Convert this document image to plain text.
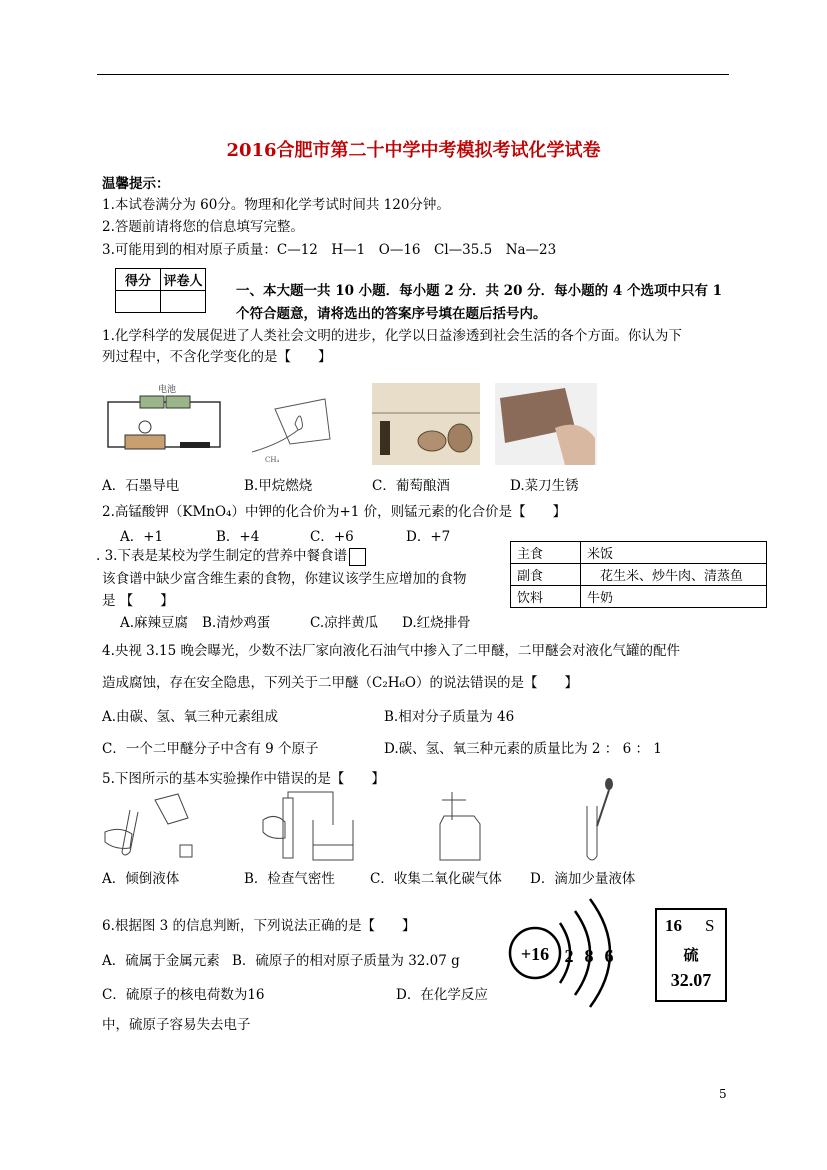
2016合肥市第二十中学中考模拟考试化学试卷
温馨提示：
1.本试卷满分为 60分。物理和化学考试时间共 120分钟。
2.答题前请将您的信息填写完整。
3.可能用到的相对原子质量：C—12　H—1　O—16　Cl—35.5　Na—23
得分	评卷人

一、本大题一共 10 小题．每小题 2 分．共 20 分．每小题的 4 个选项中只有 1
个符合题意，请将选出的答案序号填在题后括号内。
1.化学科学的发展促进了人类社会文明的进步，化学以日益渗透到社会生活的各个方面。你认为下
列过程中，不含化学变化的是【　　】
电池
CH₄
A．石墨导电	B.甲烷燃烧	C．葡萄酿酒	D.菜刀生锈
2.高锰酸钾（KMnO₄）中钾的化合价为+1 价，则锰元素的化合价是【　　】
A．+1	B．+4	C．+6	D．+7
. 3.下表是某校为学生制定的营养中餐食谱
该食谱中缺少富含维生素的食物，你建议该学生应增加的食物
是 【　　】
A.麻辣豆腐 B.清炒鸡蛋	C.凉拌黄瓜 D.红烧排骨
主食	米饭
副食	　花生米、炒牛肉、清蒸鱼
饮料	牛奶
4.央视 3.15 晚会曝光，少数不法厂家向液化石油气中掺入了二甲醚，二甲醚会对液化气罐的配件
造成腐蚀，存在安全隐患，下列关于二甲醚（C₂H₆O）的说法错误的是【　　】
A.由碳、氢、氧三种元素组成	B.相对分子质量为 46
C．一个二甲醚分子中含有 9 个原子	D.碳、氢、氧三种元素的质量比为 2 ： 6 ： 1
5.下图所示的基本实验操作中错误的是【　　】
A．倾倒液体	B．检查气密性	C．收集二氧化碳气体 D．滴加少量液体
6.根据图 3 的信息判断，下列说法正确的是【　　】
A．硫属于金属元素 B．硫原子的相对原子质量为 32.07 g
C．硫原子的核电荷数为16	D．在化学反应
中，硫原子容易失去电子
+16 2 8 6
16 S
硫
32.07
5
